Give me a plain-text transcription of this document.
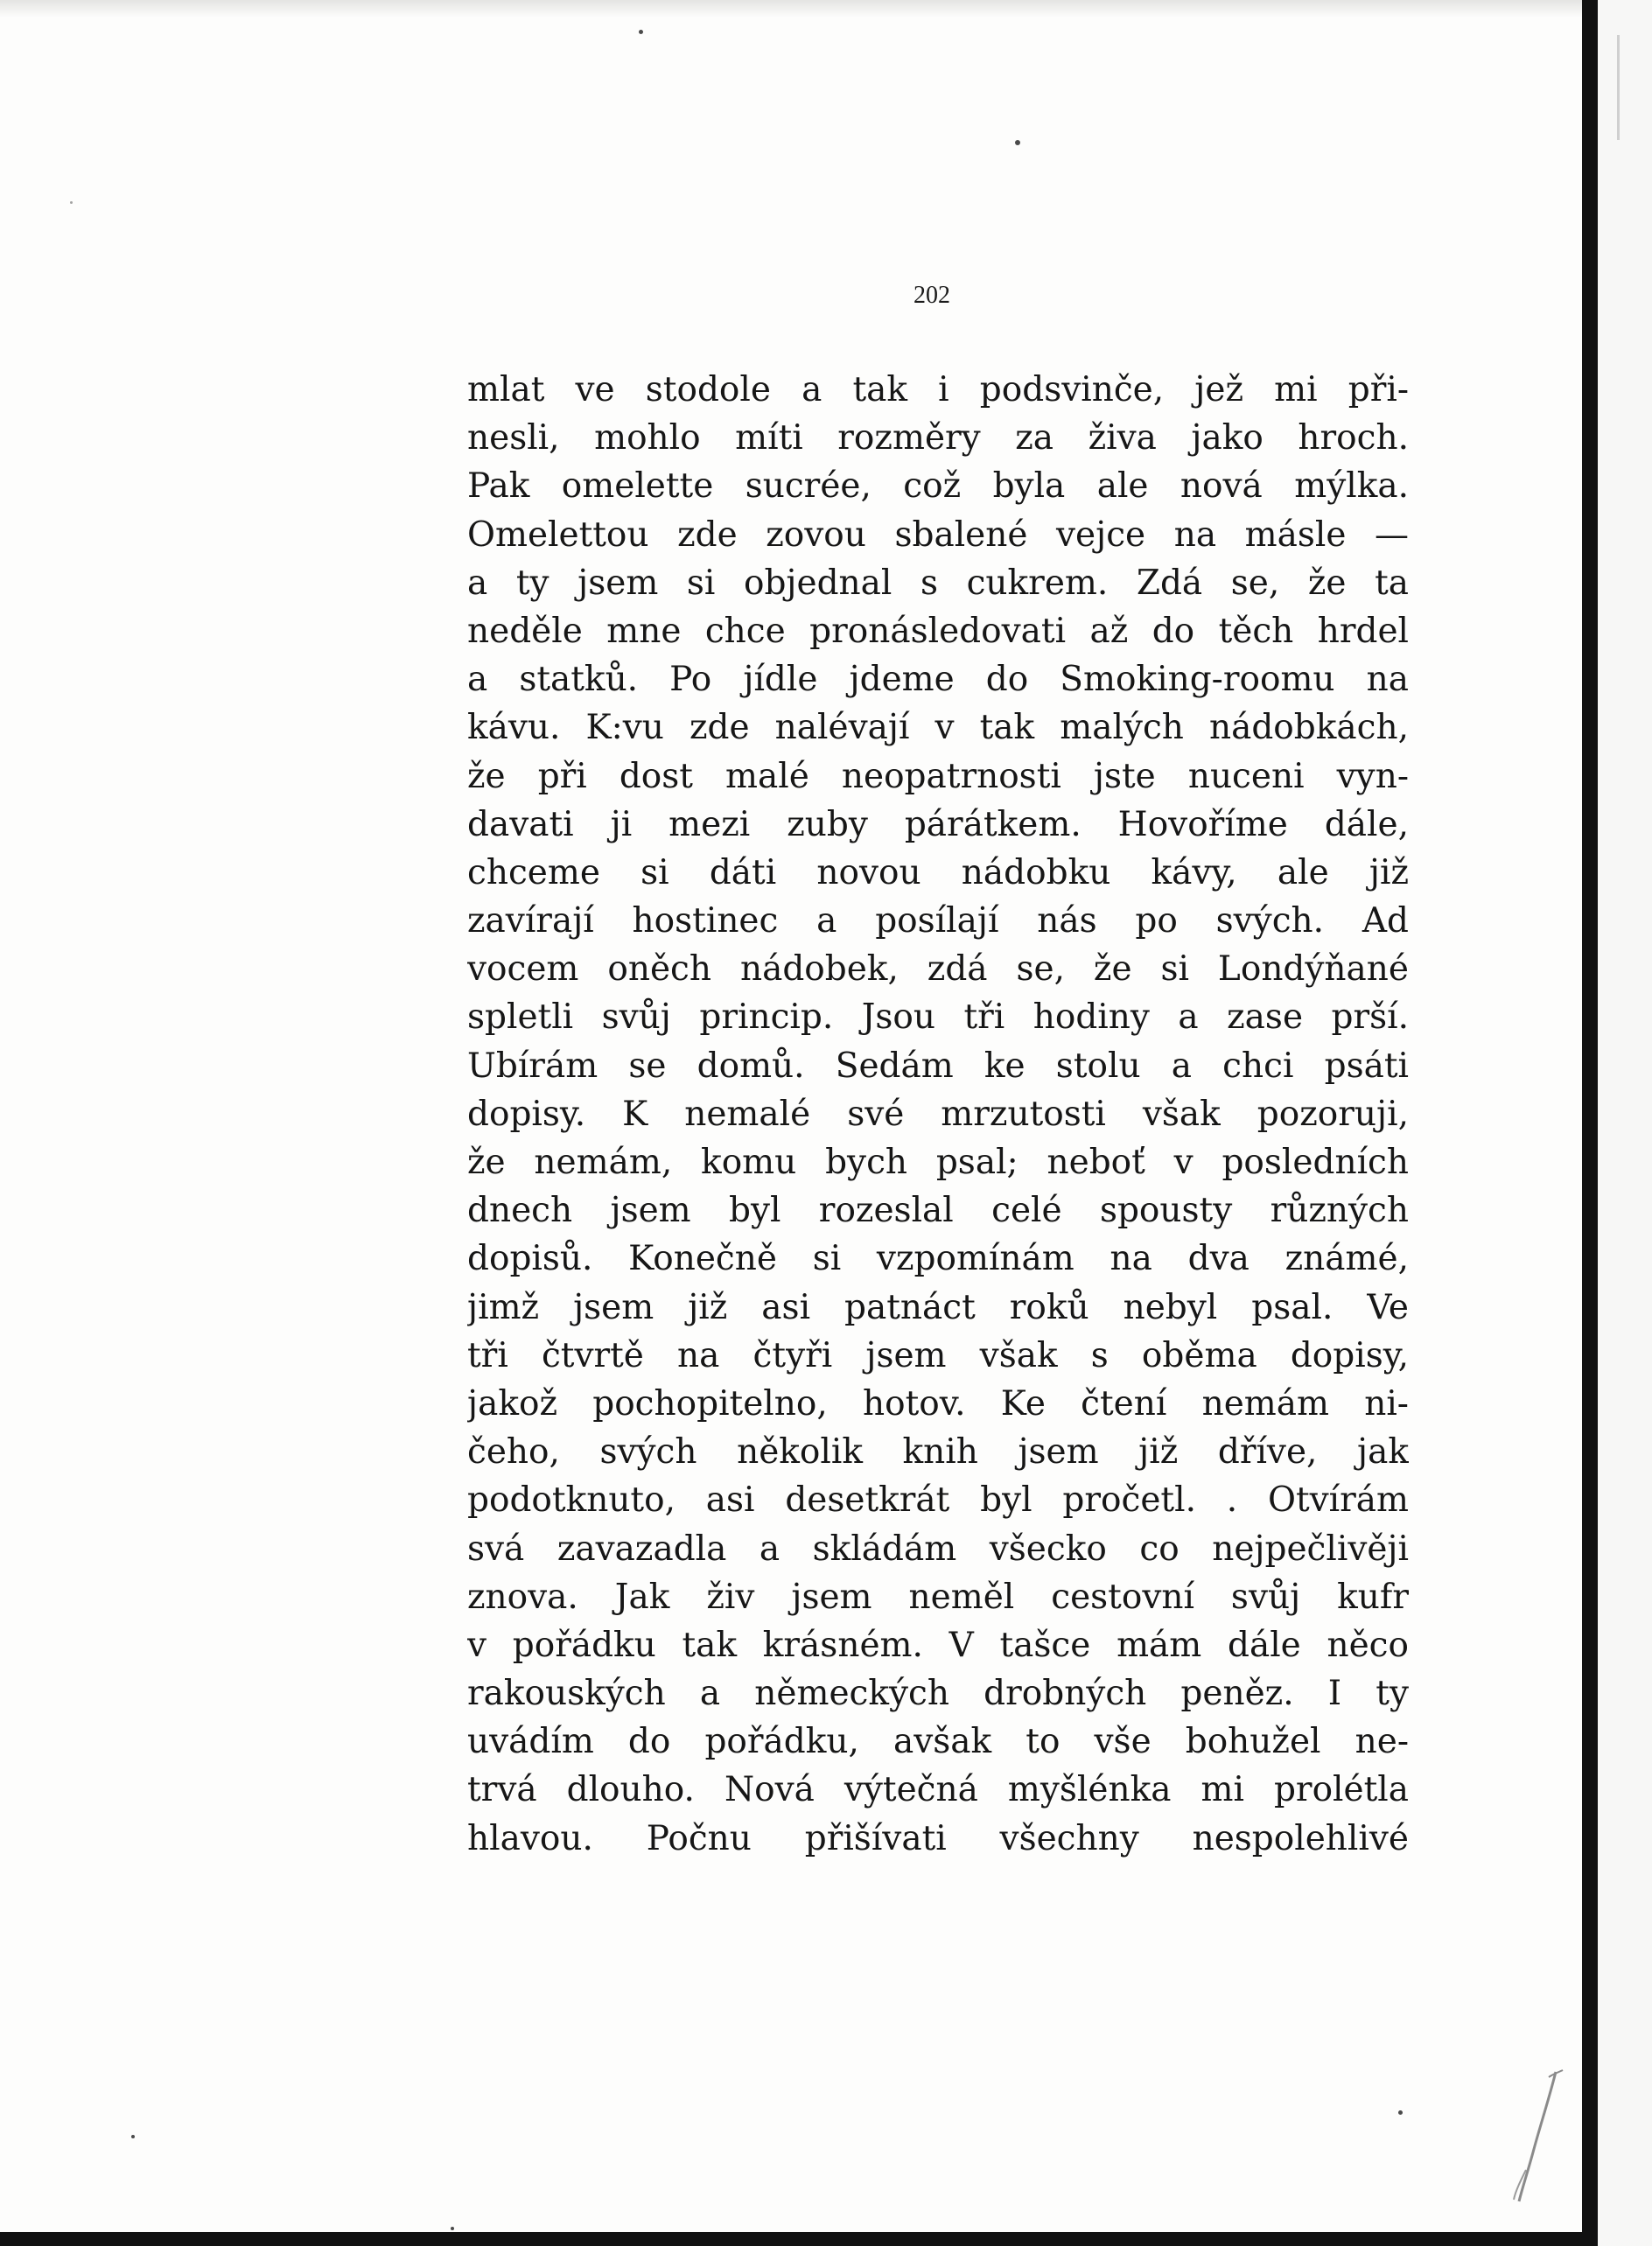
202
mlat ve stodole a tak i podsvinče, jež mi při-
nesli, mohlo míti rozměry za živa jako hroch.
Pak omelette sucrée, což byla ale nová mýlka.
Omelettou zde zovou sbalené vejce na másle —
a ty jsem si objednal s cukrem. Zdá se, že ta
neděle mne chce pronásledovati až do těch hrdel
a statků. Po jídle jdeme do Smoking-roomu na
kávu. K:vu zde nalévají v tak malých nádobkách,
že při dost malé neopatrnosti jste nuceni vyn-
davati ji mezi zuby párátkem. Hovoříme dále,
chceme si dáti novou nádobku kávy, ale již
zavírají hostinec a posílají nás po svých. Ad
vocem oněch nádobek, zdá se, že si Londýňané
spletli svůj princip. Jsou tři hodiny a zase prší.
Ubírám se domů. Sedám ke stolu a chci psáti
dopisy. K nemalé své mrzutosti však pozoruji,
že nemám, komu bych psal; neboť v posledních
dnech jsem byl rozeslal celé spousty různých
dopisů. Konečně si vzpomínám na dva známé,
jimž jsem již asi patnáct roků nebyl psal. Ve
tři čtvrtě na čtyři jsem však s oběma dopisy,
jakož pochopitelno, hotov. Ke čtení nemám ni-
čeho, svých několik knih jsem již dříve, jak
podotknuto, asi desetkrát byl pročetl. . Otvírám
svá zavazadla a skládám všecko co nejpečlivěji
znova. Jak živ jsem neměl cestovní svůj kufr
v pořádku tak krásném. V tašce mám dále něco
rakouských a německých drobných peněz. I ty
uvádím do pořádku, avšak to vše bohužel ne-
trvá dlouho. Nová výtečná myšlénka mi prolétla
hlavou. Počnu přišívati všechny nespolehlivé
